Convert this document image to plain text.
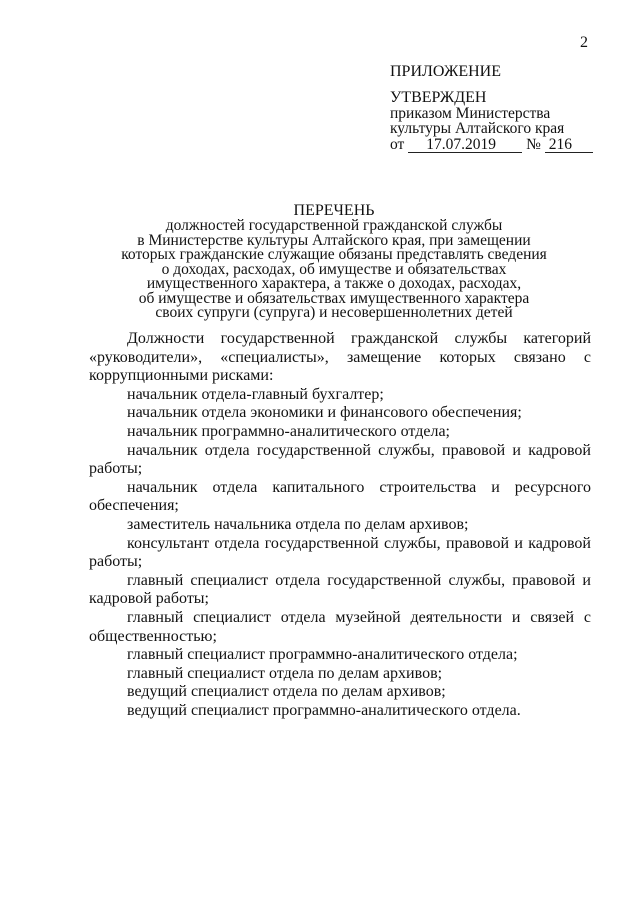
2
ПРИЛОЖЕНИЕ
УТВЕРЖДЕН
приказом Министерства
культуры Алтайского края
от 17.07.2019 № 216
ПЕРЕЧЕНЬ
должностей государственной гражданской службы
в Министерстве культуры Алтайского края, при замещении
которых гражданские служащие обязаны представлять сведения
о доходах, расходах, об имуществе и обязательствах
имущественного характера, а также о доходах, расходах,
об имуществе и обязательствах имущественного характера
своих супруги (супруга) и несовершеннолетних детей

Должности государственной гражданской службы категорий

«руководители», «специалисты», замещение которых связано с

коррупционными рисками:

начальник отдела-главный бухгалтер;

начальник отдела экономики и финансового обеспечения;

начальник программно-аналитического отдела;

начальник отдела государственной службы, правовой и кадровой работы;

начальник отдела капитального строительства и ресурсного обеспечения;

заместитель начальника отдела по делам архивов;

консультант отдела государственной службы, правовой и кадровой работы;

главный специалист отдела государственной службы, правовой и кадровой работы;

главный специалист отдела музейной деятельности и связей с общественностью;

главный специалист программно-аналитического отдела;

главный специалист отдела по делам архивов;

ведущий специалист отдела по делам архивов;

ведущий специалист программно-аналитического отдела.
